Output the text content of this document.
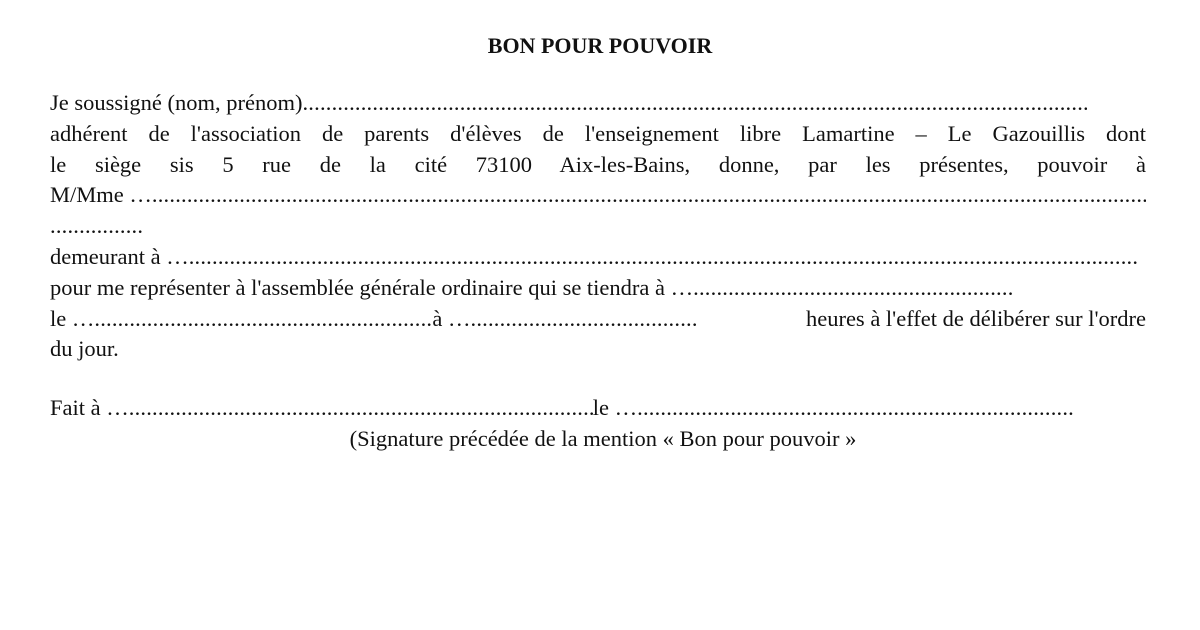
BON POUR POUVOIR
Je soussigné (nom, prénom)
.....
adhérent de l'association de parents d'élèves de l'enseignement libre Lamartine – Le Gazouillis dont
le siège sis 5 rue de la cité 73100 Aix-les-Bains, donne, par les présentes, pouvoir à
M/Mme …
.....
.....
demeurant à …
.....
pour me représenter à l'assemblée générale ordinaire qui se tiendra à …
.....
le … .....	à … .....	heures à l'effet de délibérer sur l'ordre
du jour.
Fait à … .....	le …
.....
(Signature précédée de la mention « Bon pour pouvoir »
